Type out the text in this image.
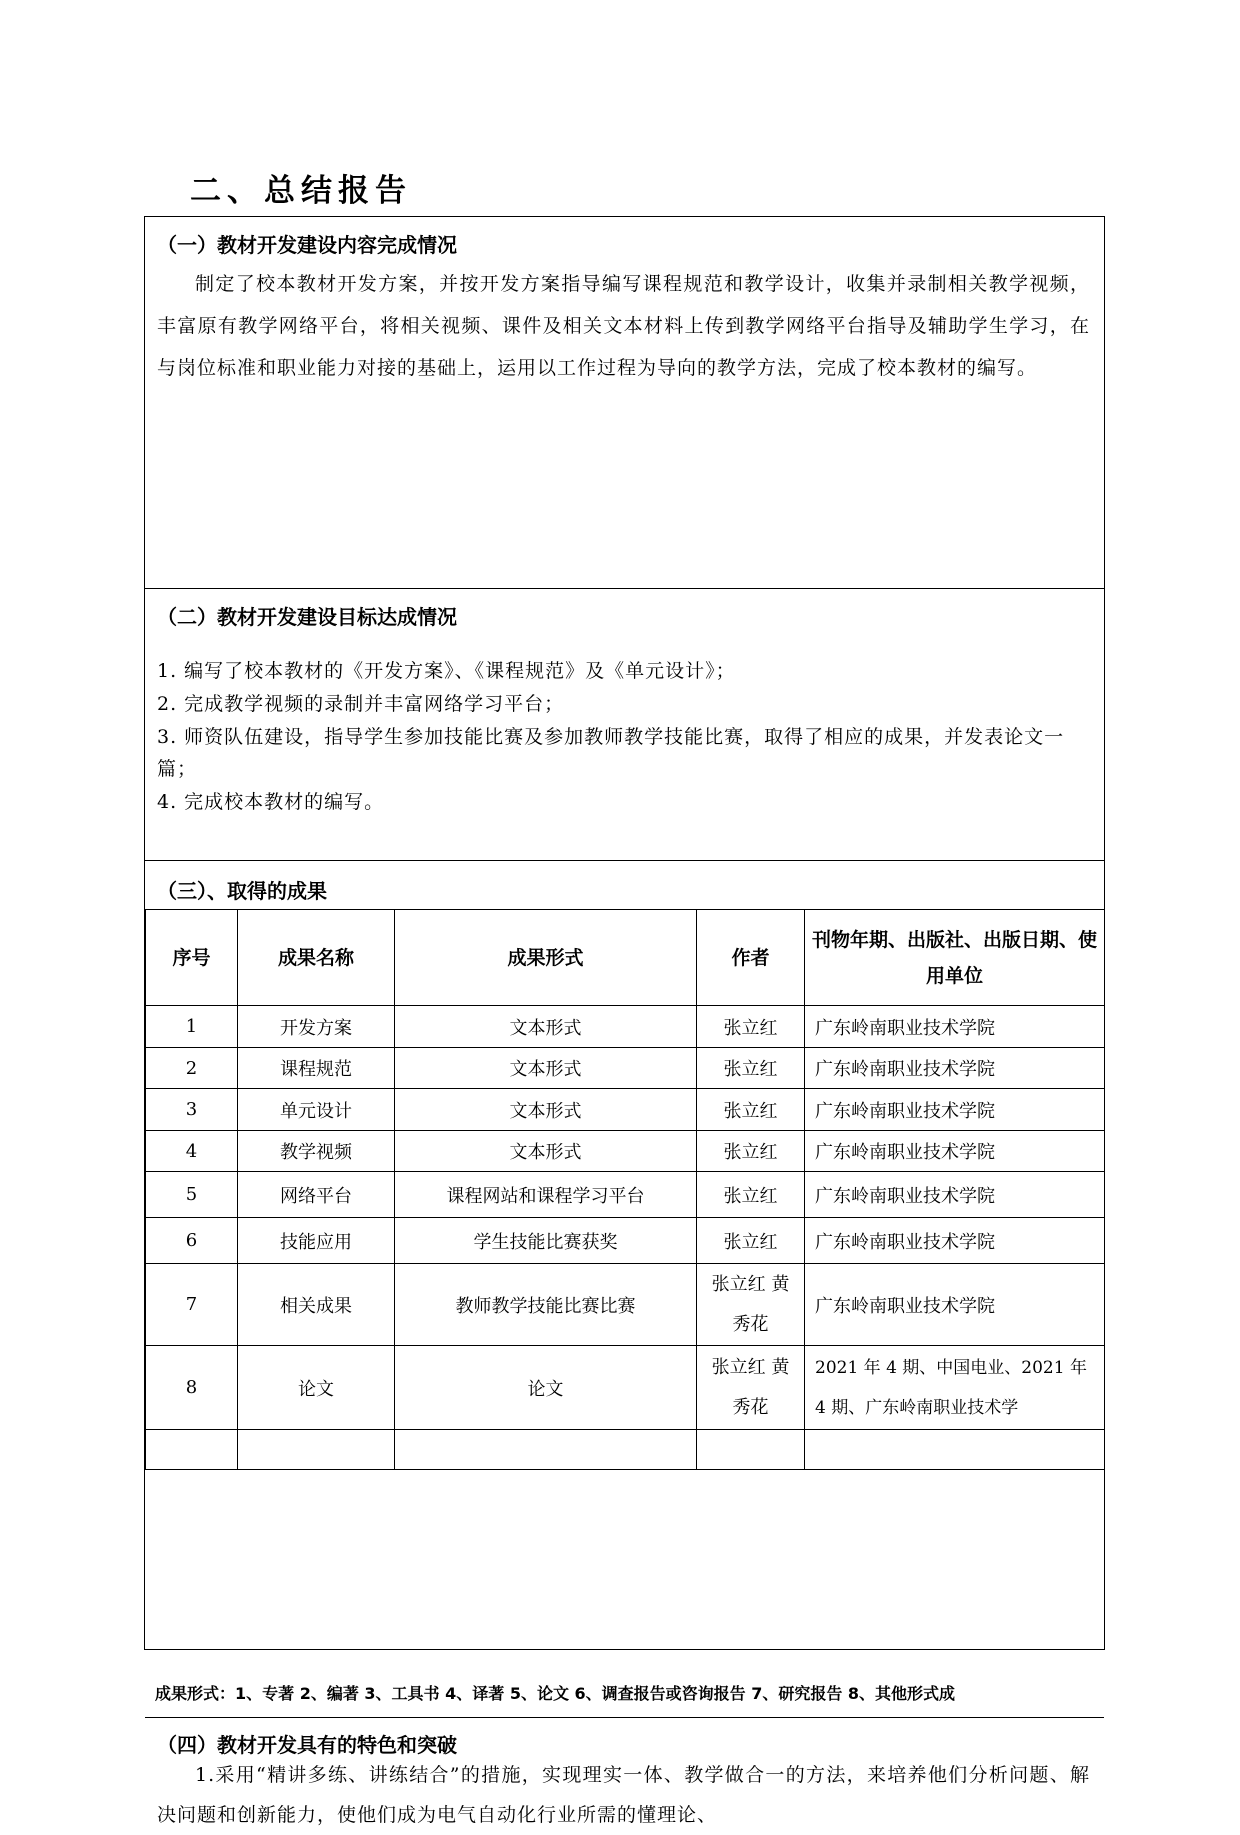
二、总结报告
（一）教材开发建设内容完成情况
制定了校本教材开发方案，并按开发方案指导编写课程规范和教学设计，收集并录制相关教学视频，丰富原有教学网络平台，将相关视频、课件及相关文本材料上传到教学网络平台指导及辅助学生学习，在与岗位标准和职业能力对接的基础上，运用以工作过程为导向的教学方法，完成了校本教材的编写。
（二）教材开发建设目标达成情况
1. 编写了校本教材的《开发方案》、《课程规范》及《单元设计》；
2. 完成教学视频的录制并丰富网络学习平台；
3. 师资队伍建设，指导学生参加技能比赛及参加教师教学技能比赛，取得了相应的成果，并发表论文一篇；
4. 完成校本教材的编写。
（三）、取得的成果
序号	成果名称	成果形式	作者	刊物年期、出版社、出版日期、使用单位
1	开发方案	文本形式	张立红	广东岭南职业技术学院
2	课程规范	文本形式	张立红	广东岭南职业技术学院
3	单元设计	文本形式	张立红	广东岭南职业技术学院
4	教学视频	文本形式	张立红	广东岭南职业技术学院
5	网络平台	课程网站和课程学习平台	张立红	广东岭南职业技术学院
6	技能应用	学生技能比赛获奖	张立红	广东岭南职业技术学院
7	相关成果	教师教学技能比赛比赛	张立红 黄秀花	广东岭南职业技术学院
8	论文	论文	张立红 黄秀花	2021 年 4 期、中国电业、2021 年 4 期、广东岭南职业技术学

成果形式：1、专著 2、编著 3、工具书 4、译著 5、论文 6、调查报告或咨询报告 7、研究报告 8、其他形式成
（四）教材开发具有的特色和突破
1.采用“精讲多练、讲练结合”的措施，实现理实一体、教学做合一的方法，来培养他们分析问题、解决问题和创新能力，使他们成为电气自动化行业所需的懂理论、
